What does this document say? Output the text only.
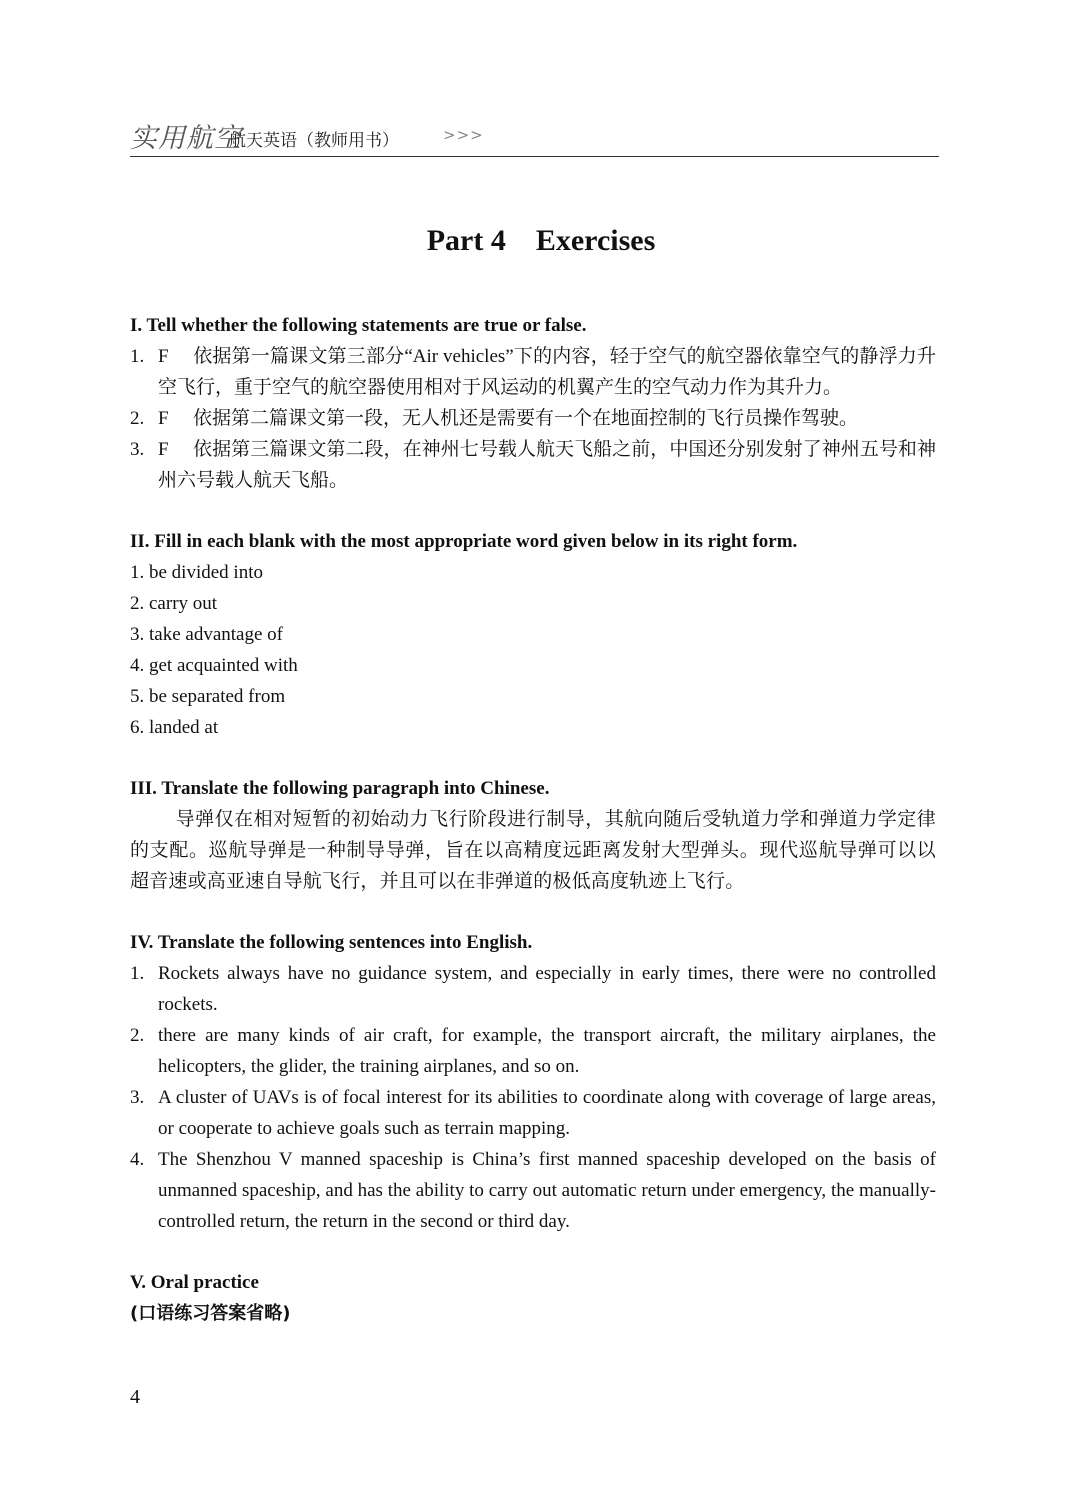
实用航空
航天英语（教师用书）	>>>
Part 4 Exercises
I. Tell whether the following statements are true or false.
1. F 依据第一篇课文第三部分“Air vehicles”下的内容，轻于空气的航空器依靠空气的静浮力升空飞行，重于空气的航空器使用相对于风运动的机翼产生的空气动力作为其升力。
2. F 依据第二篇课文第一段，无人机还是需要有一个在地面控制的飞行员操作驾驶。
3. F 依据第三篇课文第二段，在神州七号载人航天飞船之前，中国还分别发射了神州五号和神州六号载人航天飞船。
II. Fill in each blank with the most appropriate word given below in its right form.
1. be divided into
2. carry out
3. take advantage of
4. get acquainted with
5. be separated from
6. landed at
III. Translate the following paragraph into Chinese.
导弹仅在相对短暂的初始动力飞行阶段进行制导，其航向随后受轨道力学和弹道力学定律的支配。巡航导弹是一种制导导弹，旨在以高精度远距离发射大型弹头。现代巡航导弹可以以超音速或高亚速自导航飞行，并且可以在非弹道的极低高度轨迹上飞行。
IV. Translate the following sentences into English.
1. Rockets always have no guidance system, and especially in early times, there were no controlled rockets.
2. there are many kinds of air craft, for example, the transport aircraft, the military airplanes, the helicopters, the glider, the training airplanes, and so on.
3. A cluster of UAVs is of focal interest for its abilities to coordinate along with coverage of large areas, or cooperate to achieve goals such as terrain mapping.
4. The Shenzhou V manned spaceship is China’s first manned spaceship developed on the basis of unmanned spaceship, and has the ability to carry out automatic return under emergency, the manually-controlled return, the return in the second or third day.
V. Oral practice
(口语练习答案省略)
4
